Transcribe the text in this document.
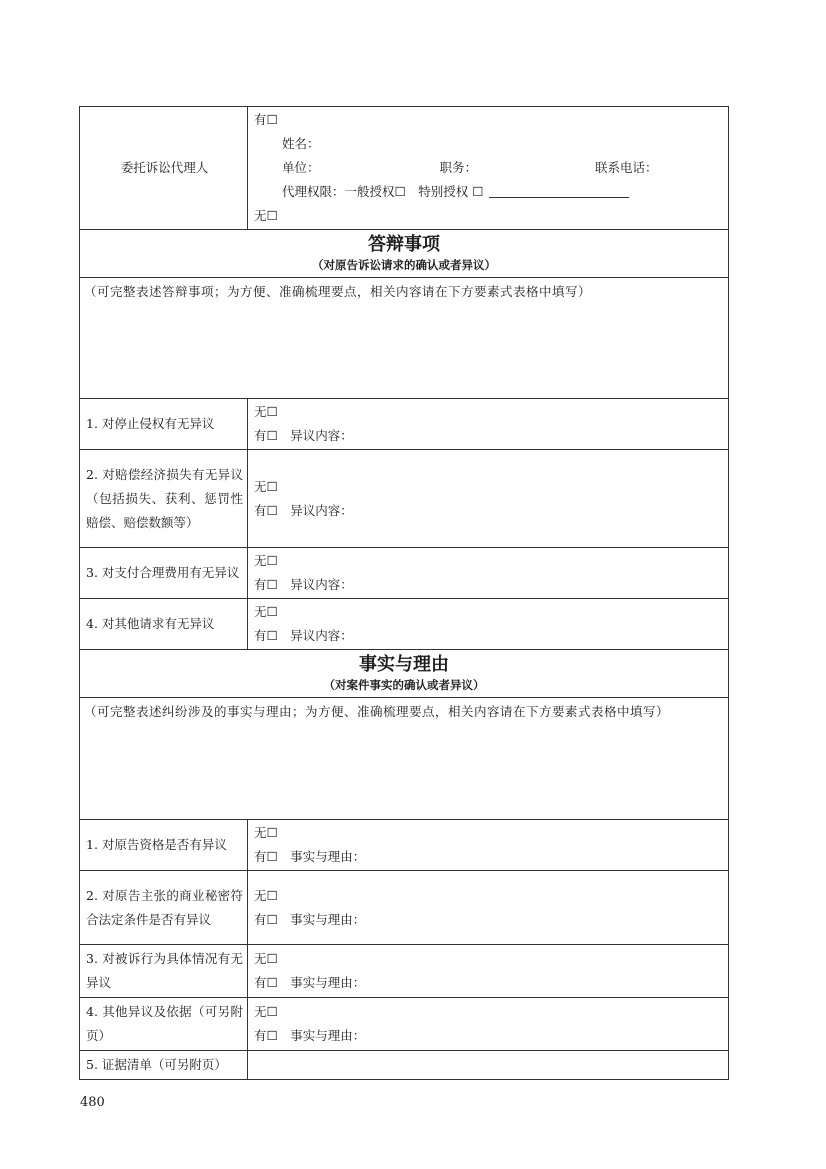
委托诉讼代理人	有☐
姓名：
单位： 职务： 联系电话：
代理权限：一般授权☐　 特别授权 ☐
无☐

答辩事项
（对原告诉讼请求的确认或者异议）	

（可完整表述答辩事项；为方便、准确梳理要点，相关内容请在下方要素式表格中填写）	
1. 对停止侵权有无异议	无☐
有☐　异议内容：

2. 对赔偿经济损失有无异议（包括损失、获利、惩罚性赔偿、赔偿数额等）	无☐
有☐　异议内容：

3. 对支付合理费用有无异议	无☐
有☐　异议内容：

4. 对其他请求有无异议	无☐
有☐　异议内容：

事实与理由
（对案件事实的确认或者异议）	

（可完整表述纠纷涉及的事实与理由；为方便、准确梳理要点，相关内容请在下方要素式表格中填写）	
1. 对原告资格是否有异议	无☐
有☐　事实与理由：

2. 对原告主张的商业秘密符合法定条件是否有异议	无☐
有☐　事实与理由：

3. 对被诉行为具体情况有无异议	无☐
有☐　事实与理由：

4. 其他异议及依据（可另附页）	无☐
有☐　事实与理由：

5. 证据清单（可另附页）	
480
